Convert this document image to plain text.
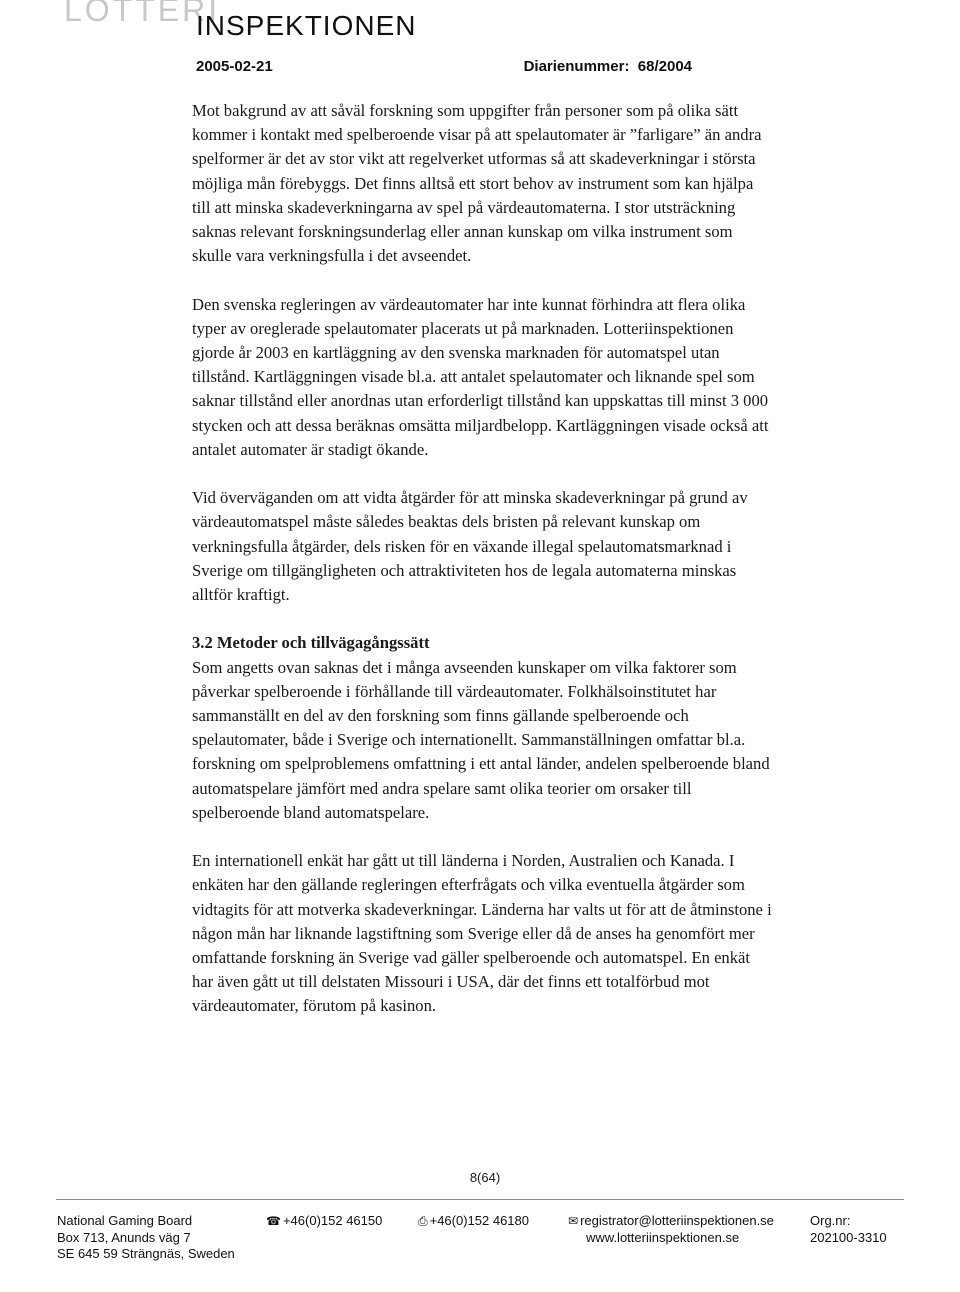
LOTTERI
INSPEKTIONEN
2005-02-21	Diarienummer:  68/2004

Mot bakgrund av att såväl forskning som uppgifter från personer som på olika sätt kommer i kontakt med spelberoende visar på att spelautomater är ”farligare” än andra spelformer är det av stor vikt att regelverket utformas så att skadeverkningar i största möjliga mån förebyggs. Det finns alltså ett stort behov av instrument som kan hjälpa till att minska skadeverkningarna av spel på värdeautomaterna. I stor utsträckning saknas relevant forskningsunderlag eller annan kunskap om vilka instrument som skulle vara verkningsfulla i det avseendet.

Den svenska regleringen av värdeautomater har inte kunnat förhindra att flera olika typer av oreglerade spelautomater placerats ut på marknaden. Lotteriinspektionen gjorde år 2003 en kartläggning av den svenska marknaden för automatspel utan tillstånd. Kartläggningen visade bl.a. att antalet spelautomater och liknande spel som saknar tillstånd eller anordnas utan erforderligt tillstånd kan uppskattas till minst 3 000 stycken och att dessa beräknas omsätta miljardbelopp. Kartläggningen visade också att antalet automater är stadigt ökande.

Vid överväganden om att vidta åtgärder för att minska skadeverkningar på grund av värdeautomatspel måste således beaktas dels bristen på relevant kunskap om verkningsfulla åtgärder, dels risken för en växande illegal spelautomatsmarknad i Sverige om tillgängligheten och attraktiviteten hos de legala automaterna minskas alltför kraftigt.

3.2 Metoder och tillvägagångssätt

Som angetts ovan saknas det i många avseenden kunskaper om vilka faktorer som påverkar spelberoende i förhållande till värdeautomater. Folkhälsoinstitutet har sammanställt en del av den forskning som finns gällande spelberoende och spelautomater, både i Sverige och internationellt. Sammanställningen omfattar bl.a. forskning om spelproblemens omfattning i ett antal länder, andelen spelberoende bland automatspelare jämfört med andra spelare samt olika teorier om orsaker till spelberoende bland automatspelare.

En internationell enkät har gått ut till länderna i Norden, Australien och Kanada. I enkäten har den gällande regleringen efterfrågats och vilka eventuella åtgärder som vidtagits för att motverka skadeverkningar. Länderna har valts ut för att de åtminstone i någon mån har liknande lagstiftning som Sverige eller då de anses ha genomfört mer omfattande forskning än Sverige vad gäller spelberoende och automatspel. En enkät har även gått ut till delstaten Missouri i USA, där det finns ett totalförbud mot värdeautomater, förutom på kasinon.

8(64)
National Gaming Board
Box 713, Anunds väg 7
SE 645 59 Strängnäs, Sweden
☎ +46(0)152 46150	⎙ +46(0)152 46180	✉ registrator@lotteriinspektionen.se
www.lotteriinspektionen.se
Org.nr:
202100-3310
